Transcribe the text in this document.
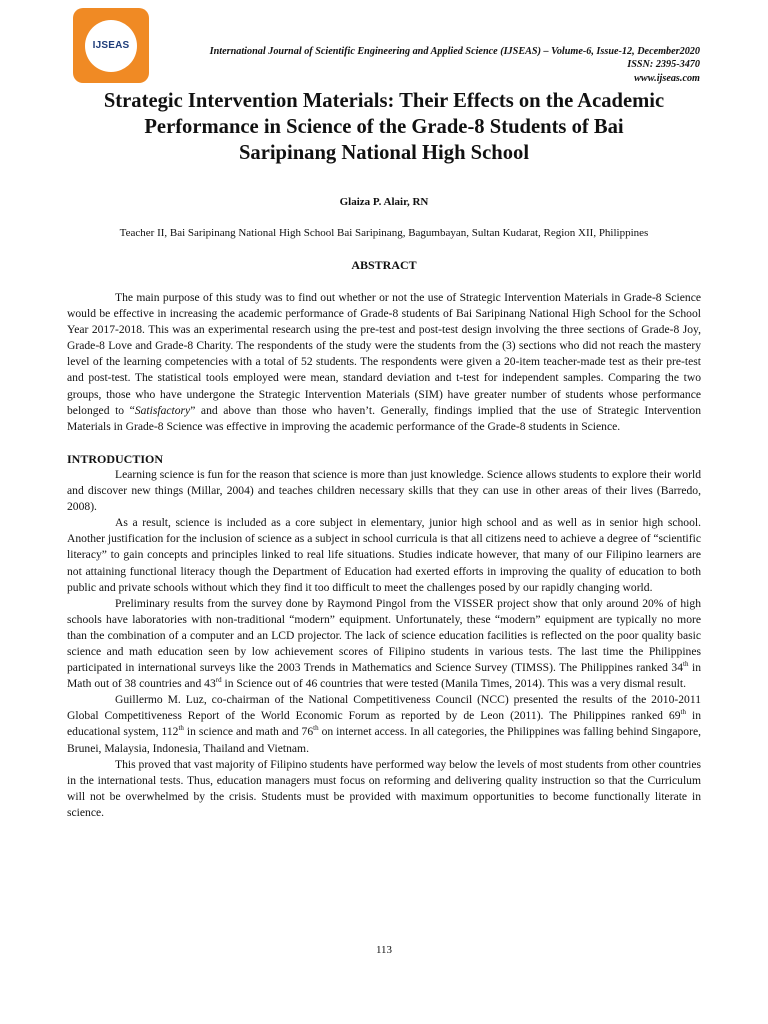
IJSEAS
International Journal of Scientific Engineering and Applied Science (IJSEAS) – Volume-6, Issue-12, December2020
ISSN: 2395-3470
www.ijseas.com
Strategic Intervention Materials: Their Effects on the Academic
Performance in Science of the Grade-8 Students of Bai
Saripinang National High School
Glaiza P. Alair, RN
Teacher II, Bai Saripinang National High School Bai Saripinang, Bagumbayan, Sultan Kudarat, Region XII, Philippines
ABSTRACT

The main purpose of this study was to find out whether or not the use of Strategic Intervention Materials in Grade-8 Science would be effective in increasing the academic performance of Grade-8 students of Bai Saripinang National High School for the School Year 2017-2018. This was an experimental research using the pre-test and post-test design involving the three sections of Grade-8 Joy, Grade-8 Love and Grade-8 Charity. The respondents of the study were the students from the (3) sections who did not reach the mastery level of the learning competencies with a total of 52 students. The respondents were given a 20-item teacher-made test as their pre-test and post-test. The statistical tools employed were mean, standard deviation and t-test for independent samples. Comparing the two groups, those who have undergone the Strategic Intervention Materials (SIM) have greater number of students whose performance belonged to “Satisfactory” and above than those who haven’t. Generally, findings implied that the use of Strategic Intervention Materials in Grade-8 Science was effective in improving the academic performance of the Grade-8 students in Science.

INTRODUCTION

Learning science is fun for the reason that science is more than just knowledge. Science allows students to explore their world and discover new things (Millar, 2004) and teaches children necessary skills that they can use in other areas of their lives (Barredo, 2008).

As a result, science is included as a core subject in elementary, junior high school and as well as in senior high school. Another justification for the inclusion of science as a subject in school curricula is that all citizens need to achieve a degree of “scientific literacy” to gain concepts and principles linked to real life situations. Studies indicate however, that many of our Filipino learners are not attaining functional literacy though the Department of Education had exerted efforts in improving the quality of education to both public and private schools without which they find it too difficult to meet the challenges posed by our rapidly changing world.

Preliminary results from the survey done by Raymond Pingol from the VISSER project show that only around 20% of high schools have laboratories with non-traditional “modern” equipment. Unfortunately, these “modern” equipment are typically no more than the combination of a computer and an LCD projector. The lack of science education facilities is reflected on the poor quality basic science and math education seen by low achievement scores of Filipino students in various tests. The last time the Philippines participated in international surveys like the 2003 Trends in Mathematics and Science Survey (TIMSS). The Philippines ranked 34th in Math out of 38 countries and 43rd in Science out of 46 countries that were tested (Manila Times, 2014). This was a very dismal result.

Guillermo M. Luz, co-chairman of the National Competitiveness Council (NCC) presented the results of the 2010-2011 Global Competitiveness Report of the World Economic Forum as reported by de Leon (2011). The Philippines ranked 69th in educational system, 112th in science and math and 76th on internet access. In all categories, the Philippines was falling behind Singapore, Brunei, Malaysia, Indonesia, Thailand and Vietnam.

This proved that vast majority of Filipino students have performed way below the levels of most students from other countries in the international tests. Thus, education managers must focus on reforming and delivering quality instruction so that the Curriculum will not be overwhelmed by the crisis. Students must be provided with maximum opportunities to become functionally literate in science.

113
